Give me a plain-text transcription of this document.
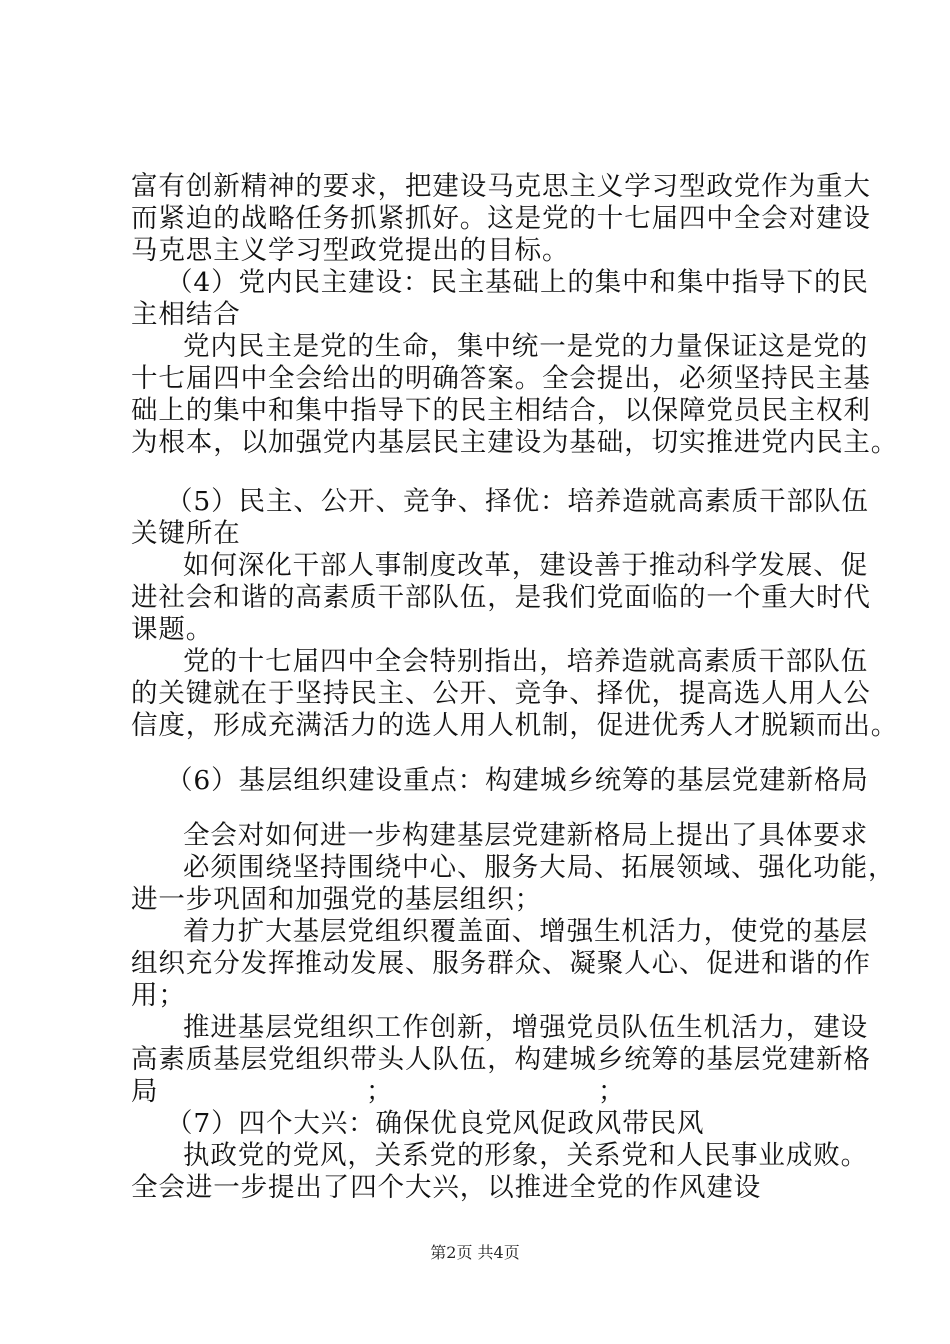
富有创新精神的要求，把建设马克思主义学习型政党作为重大
而紧迫的战略任务抓紧抓好。这是党的十七届四中全会对建设
马克思主义学习型政党提出的目标。
（4）党内民主建设：民主基础上的集中和集中指导下的民
主相结合
党内民主是党的生命，集中统一是党的力量保证这是党的
十七届四中全会给出的明确答案。全会提出，必须坚持民主基
础上的集中和集中指导下的民主相结合，以保障党员民主权利
为根本，以加强党内基层民主建设为基础，切实推进党内民主。
（5）民主、公开、竞争、择优：培养造就高素质干部队伍
关键所在
如何深化干部人事制度改革，建设善于推动科学发展、促
进社会和谐的高素质干部队伍，是我们党面临的一个重大时代
课题。
党的十七届四中全会特别指出，培养造就高素质干部队伍
的关键就在于坚持民主、公开、竞争、择优，提高选人用人公
信度，形成充满活力的选人用人机制，促进优秀人才脱颖而出。
（6）基层组织建设重点：构建城乡统筹的基层党建新格局
全会对如何进一步构建基层党建新格局上提出了具体要求
必须围绕坚持围绕中心、服务大局、拓展领域、强化功能，
进一步巩固和加强党的基层组织；
着力扩大基层党组织覆盖面、增强生机活力，使党的基层
组织充分发挥推动发展、服务群众、凝聚人心、促进和谐的作
用；
推进基层党组织工作创新，增强党员队伍生机活力，建设
高素质基层党组织带头人队伍，构建城乡统筹的基层党建新格
局	；	；
（7）四个大兴：确保优良党风促政风带民风
执政党的党风，关系党的形象，关系党和人民事业成败。
全会进一步提出了四个大兴，以推进全党的作风建设
第2页 共4页
